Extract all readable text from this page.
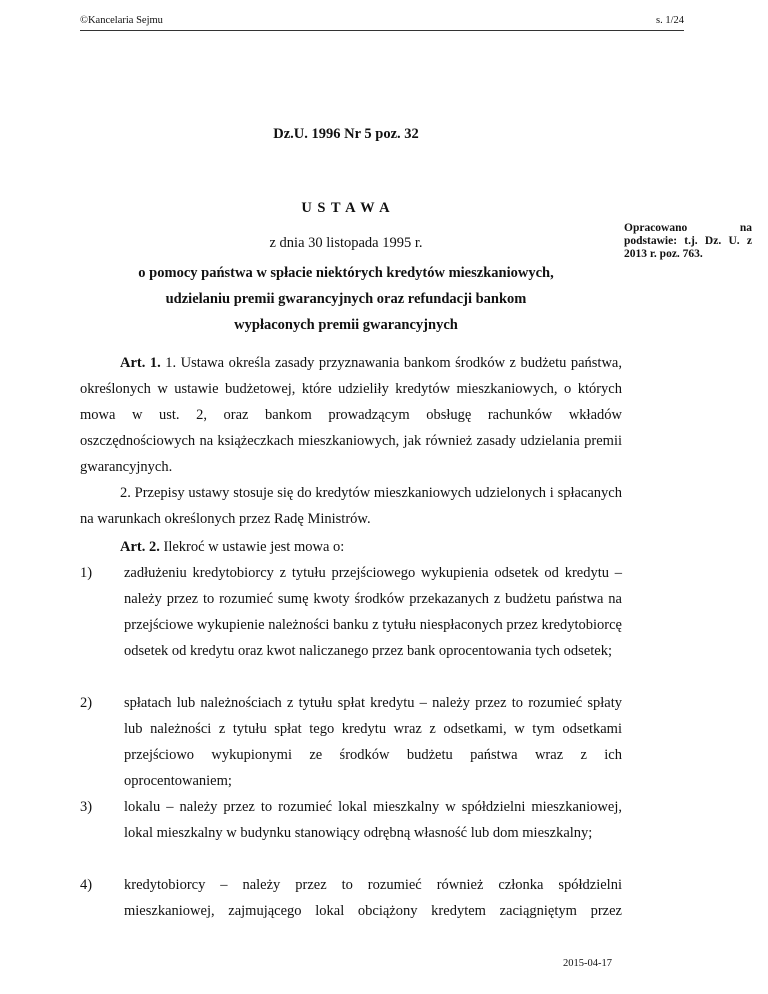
©Kancelaria Sejmu	s. 1/24
Dz.U. 1996 Nr 5 poz. 32
U S T A W A
z dnia 30 listopada 1995 r.
o pomocy państwa w spłacie niektórych kredytów mieszkaniowych,
udzielaniu premii gwarancyjnych oraz refundacji bankom
wypłaconych premii gwarancyjnych
Opracowano na podstawie: t.j. Dz. U. z 2013 r. poz. 763.
Art. 1. 1. Ustawa określa zasady przyznawania bankom środków z budżetu państwa, określonych w ustawie budżetowej, które udzieliły kredytów mieszkaniowych, o których mowa w ust. 2, oraz bankom prowadzącym obsługę rachunków wkładów oszczędnościowych na książeczkach mieszkaniowych, jak również zasady udzielania premii gwarancyjnych.
2. Przepisy ustawy stosuje się do kredytów mieszkaniowych udzielonych i spłacanych na warunkach określonych przez Radę Ministrów.
Art. 2. Ilekroć w ustawie jest mowa o:
1) zadłużeniu kredytobiorcy z tytułu przejściowego wykupienia odsetek od kredytu – należy przez to rozumieć sumę kwoty środków przekazanych z budżetu państwa na przejściowe wykupienie należności banku z tytułu niespłaconych przez kredytobiorcę odsetek od kredytu oraz kwot naliczanego przez bank oprocentowania tych odsetek;
2) spłatach lub należnościach z tytułu spłat kredytu – należy przez to rozumieć spłaty lub należności z tytułu spłat tego kredytu wraz z odsetkami, w tym odsetkami przejściowo wykupionymi ze środków budżetu państwa wraz z ich oprocentowaniem;
3) lokalu – należy przez to rozumieć lokal mieszkalny w spółdzielni mieszkaniowej, lokal mieszkalny w budynku stanowiący odrębną własność lub dom mieszkalny;
4) kredytobiorcy – należy przez to rozumieć również członka spółdzielni mieszkaniowej, zajmującego lokal obciążony kredytem zaciągniętym przez
2015-04-17
